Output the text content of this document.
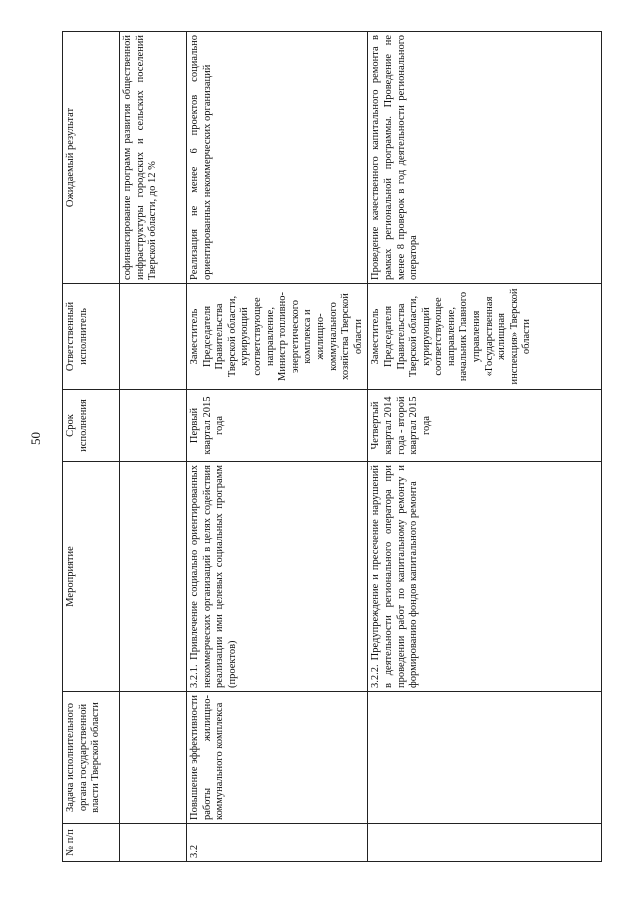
50
№ п/п	Задача исполнительного органа государственной власти Тверской области	Мероприятие	Срок исполнения	Ответственный исполнитель	Ожидаемый результат
					софинансирование программ развития общественной инфраструктуры городских и сельских поселений Тверской области, до 12 %
3.2	Повышение эффективности работы жилищно-коммунального комплекса	3.2.1. Привлечение социально ориентированных некоммерческих организаций в целях содействия реализации ими целевых социальных программ (проектов)	Первый квартал 2015 года	Заместитель Председателя Правительства Тверской области, курирующий соответствующее направление, Министр топливно-энергетического комплекса и жилищно-коммунального хозяйства Тверской области	Реализация не менее 6 проектов социально ориентированных некоммерческих организаций
		3.2.2. Предупреждение и пресечение нарушений в деятельности регионального оператора при проведении работ по капитальному ремонту и формированию фондов капитального ремонта	Четвертый квартал 2014 года - второй квартал 2015 года	Заместитель Председателя Правительства Тверской области, курирующий соответствующее направление, начальник Главного управления «Государственная жилищная инспекция» Тверской области	Проведение качественного капитального ремонта в рамках региональной программы. Проведение не менее 8 проверок в год деятельности регионального оператора
